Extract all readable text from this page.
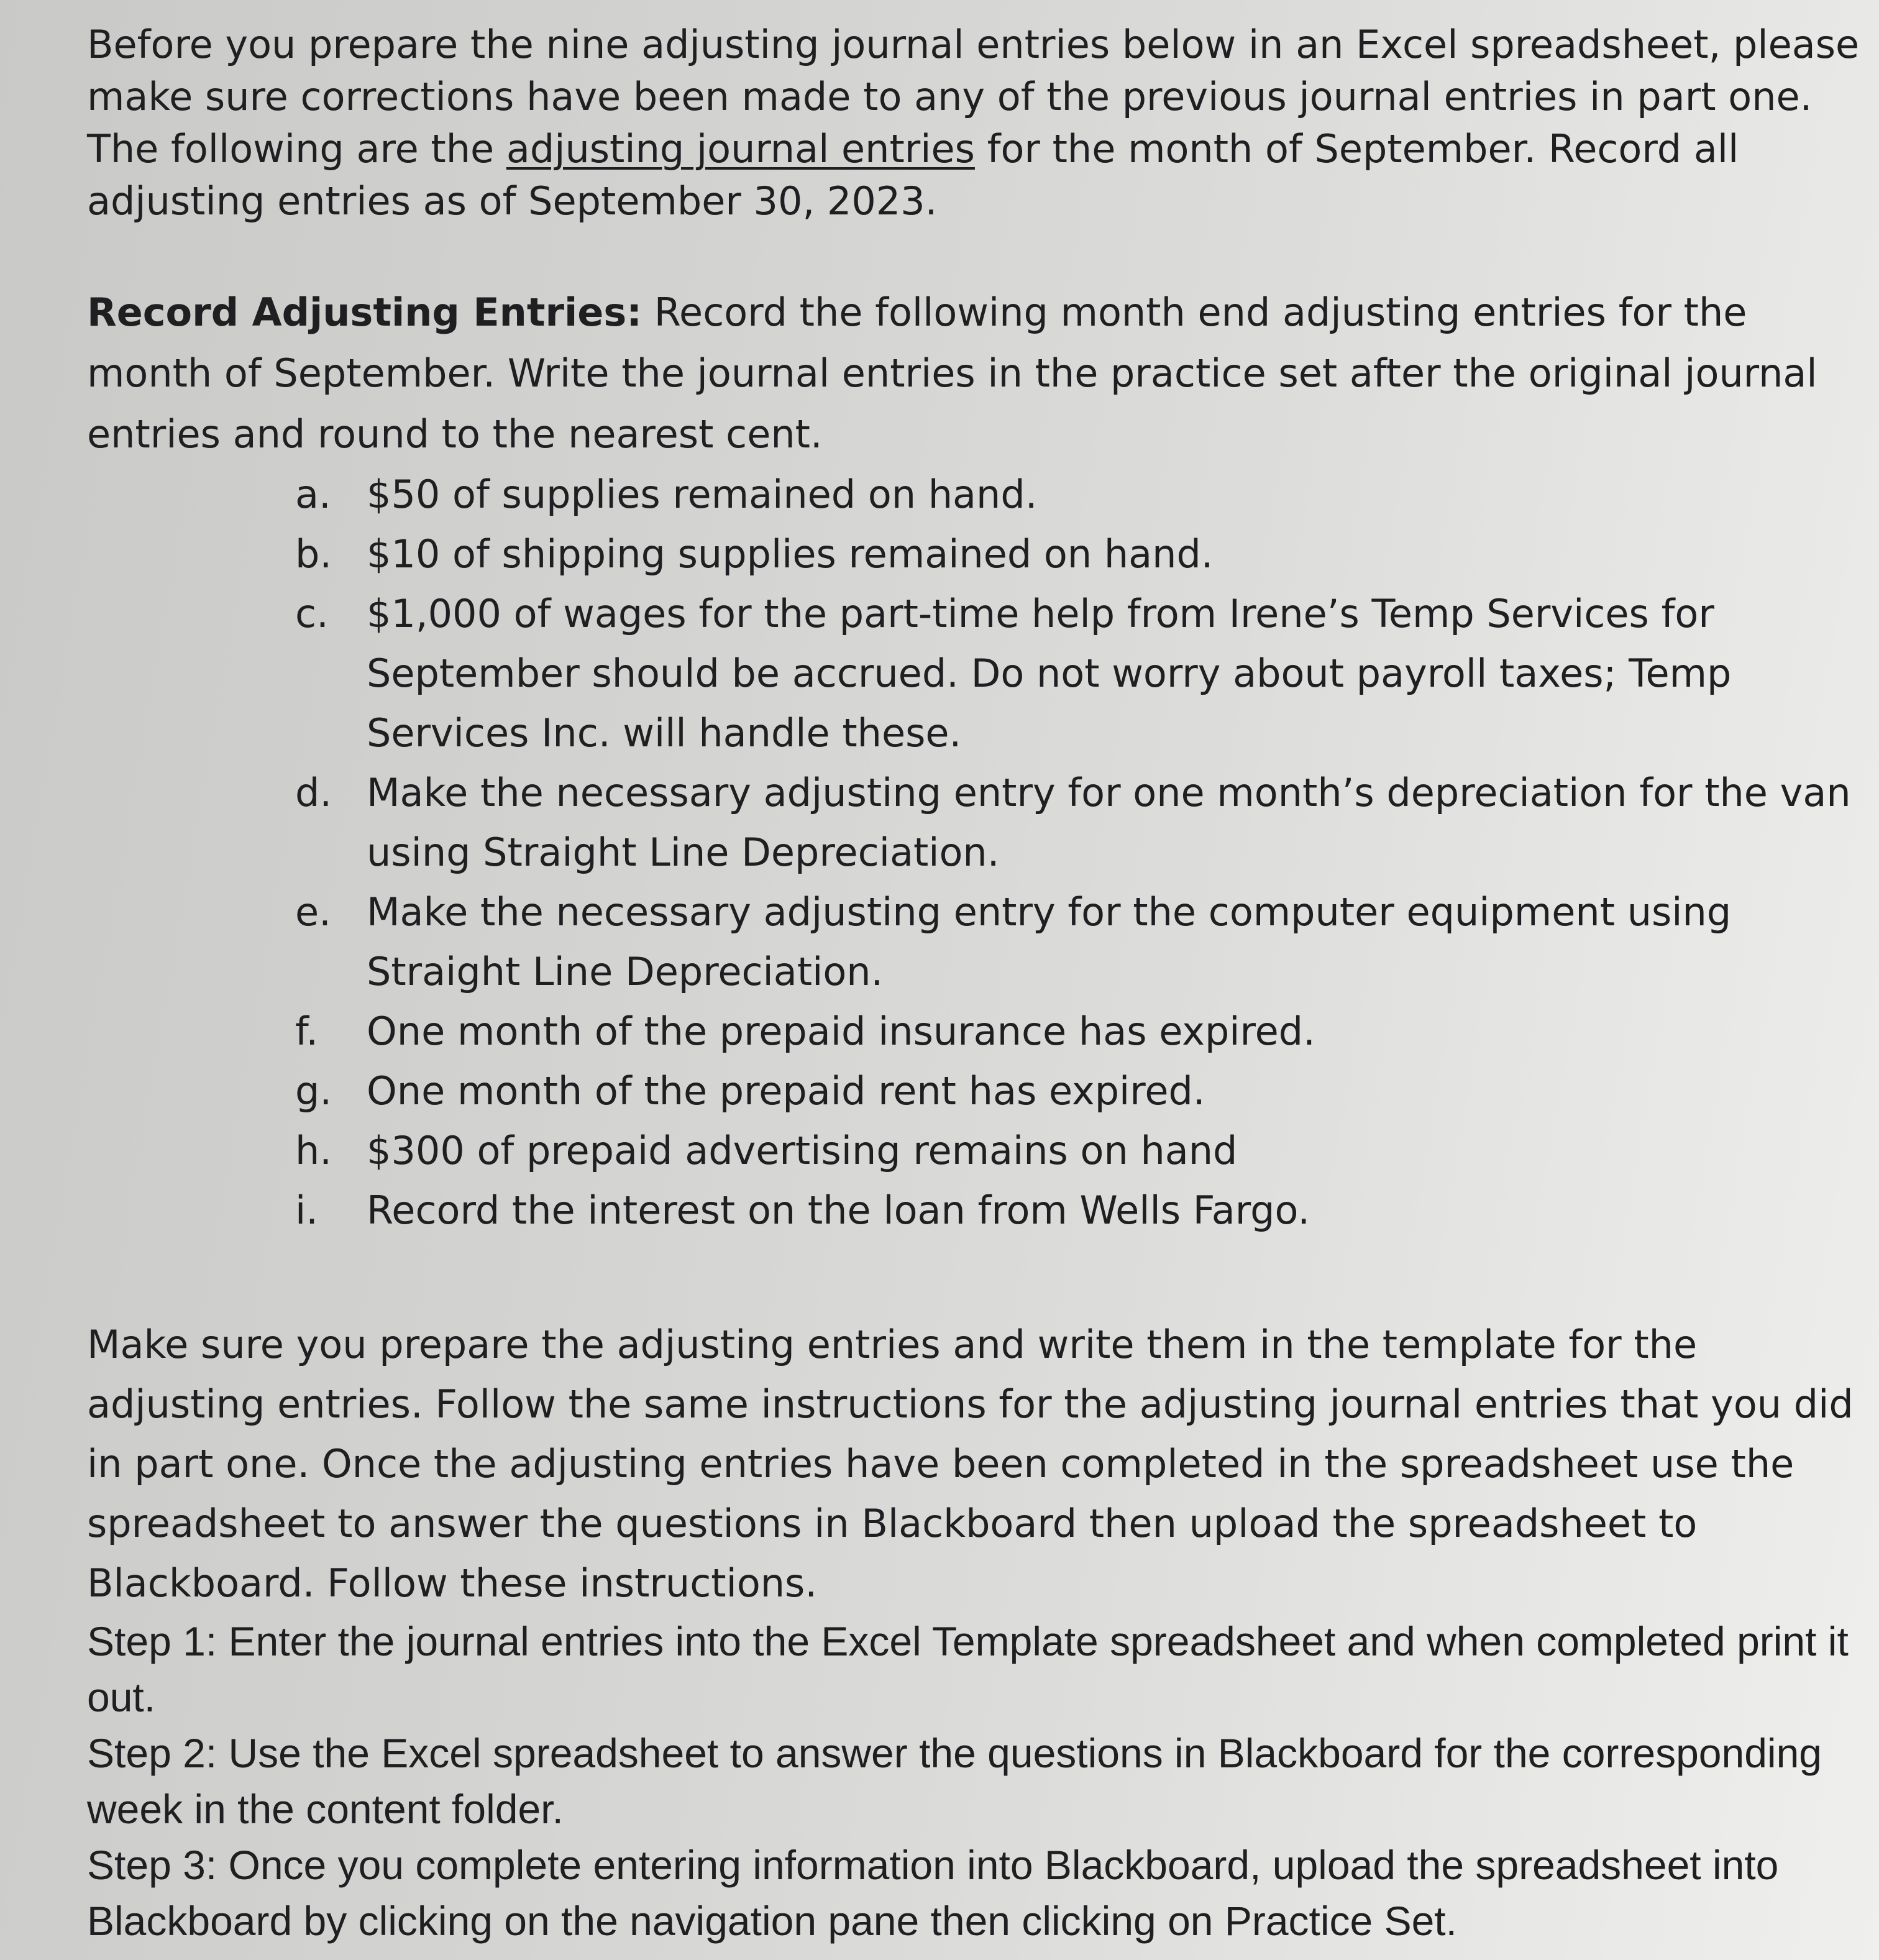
Before you prepare the nine adjusting journal entries below in an Excel spreadsheet, please make sure corrections have been made to any of the previous journal entries in part one. The following are the adjusting journal entries for the month of September. Record all adjusting entries as of September 30, 2023.

Record Adjusting Entries: Record the following month end adjusting entries for the month of September. Write the journal entries in the practice set after the original journal entries and round to the nearest cent.

a. $50 of supplies remained on hand.
b. $10 of shipping supplies remained on hand.
c. $1,000 of wages for the part-time help from Irene’s Temp Services for September should be accrued. Do not worry about payroll taxes; Temp Services Inc. will handle these.
d. Make the necessary adjusting entry for one month’s depreciation for the van using Straight Line Depreciation.
e. Make the necessary adjusting entry for the computer equipment using Straight Line Depreciation.
f. One month of the prepaid insurance has expired.
g. One month of the prepaid rent has expired.
h. $300 of prepaid advertising remains on hand
i. Record the interest on the loan from Wells Fargo.

Make sure you prepare the adjusting entries and write them in the template for the adjusting entries. Follow the same instructions for the adjusting journal entries that you did in part one. Once the adjusting entries have been completed in the spreadsheet use the spreadsheet to answer the questions in Blackboard then upload the spreadsheet to Blackboard. Follow these instructions.

Step 1: Enter the journal entries into the Excel Template spreadsheet and when completed print it out.
Step 2: Use the Excel spreadsheet to answer the questions in Blackboard for the corresponding week in the content folder.
Step 3: Once you complete entering information into Blackboard, upload the spreadsheet into Blackboard by clicking on the navigation pane then clicking on Practice Set.
